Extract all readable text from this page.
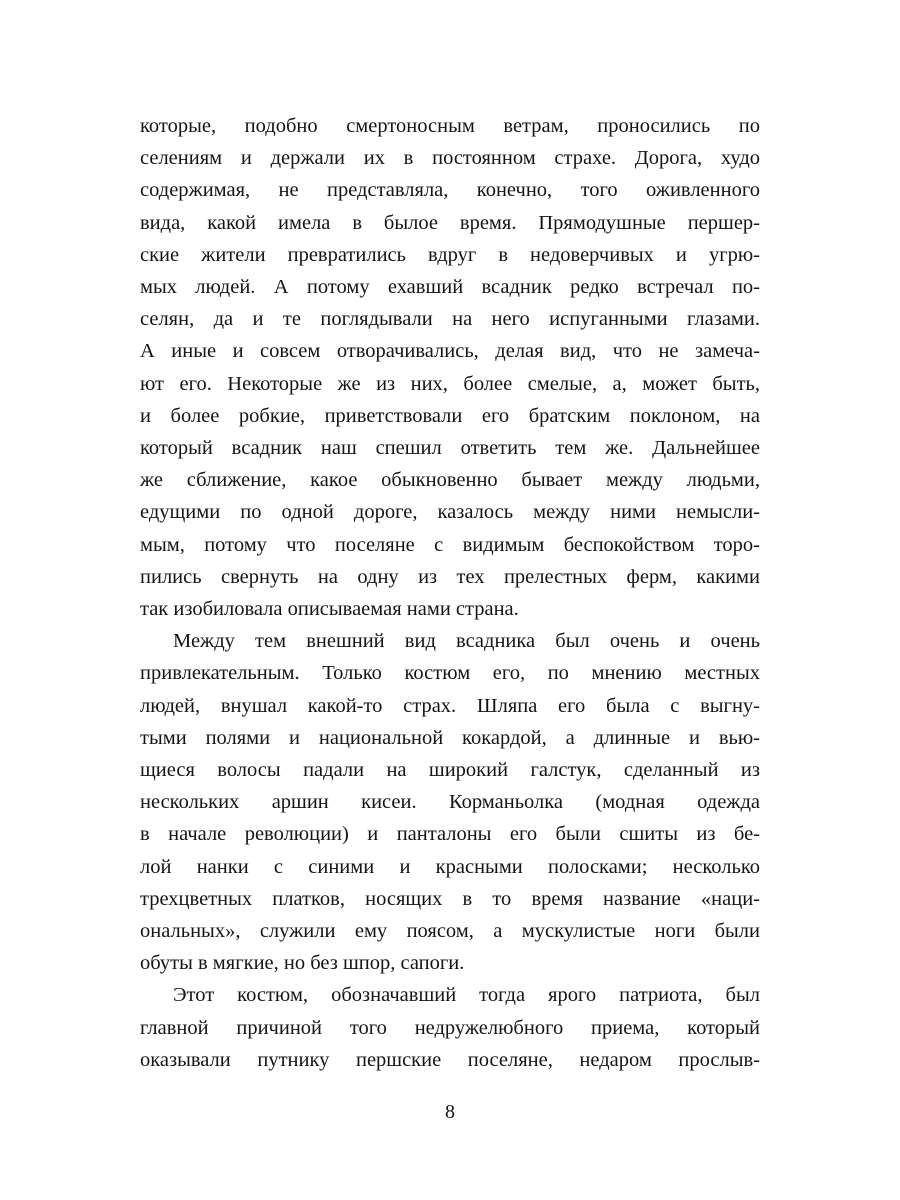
которые, подобно смертоносным ветрам, проносились по
селениям и держали их в постоянном страхе. Дорога, худо
содержимая, не представляла, конечно, того оживленного
вида, какой имела в былое время. Прямодушные першер-
ские жители превратились вдруг в недоверчивых и угрю-
мых людей. А потому ехавший всадник редко встречал по-
селян, да и те поглядывали на него испуганными глазами.
А иные и совсем отворачивались, делая вид, что не замеча-
ют его. Некоторые же из них, более смелые, а, может быть,
и более робкие, приветствовали его братским поклоном, на
который всадник наш спешил ответить тем же. Дальнейшее
же сближение, какое обыкновенно бывает между людьми,
едущими по одной дороге, казалось между ними немысли-
мым, потому что поселяне с видимым беспокойством торо-
пились свернуть на одну из тех прелестных ферм, какими
так изобиловала описываемая нами страна.
Между тем внешний вид всадника был очень и очень
привлекательным. Только костюм его, по мнению местных
людей, внушал какой-то страх. Шляпа его была с выгну-
тыми полями и национальной кокардой, а длинные и вью-
щиеся волосы падали на широкий галстук, сделанный из
нескольких аршин кисеи. Корманьолка (модная одежда
в начале революции) и панталоны его были сшиты из бе-
лой нанки с синими и красными полосками; несколько
трехцветных платков, носящих в то время название «наци-
ональных», служили ему поясом, а мускулистые ноги были
обуты в мягкие, но без шпор, сапоги.
Этот костюм, обозначавший тогда ярого патриота, был
главной причиной того недружелюбного приема, который
оказывали путнику першские поселяне, недаром прослыв-
8
